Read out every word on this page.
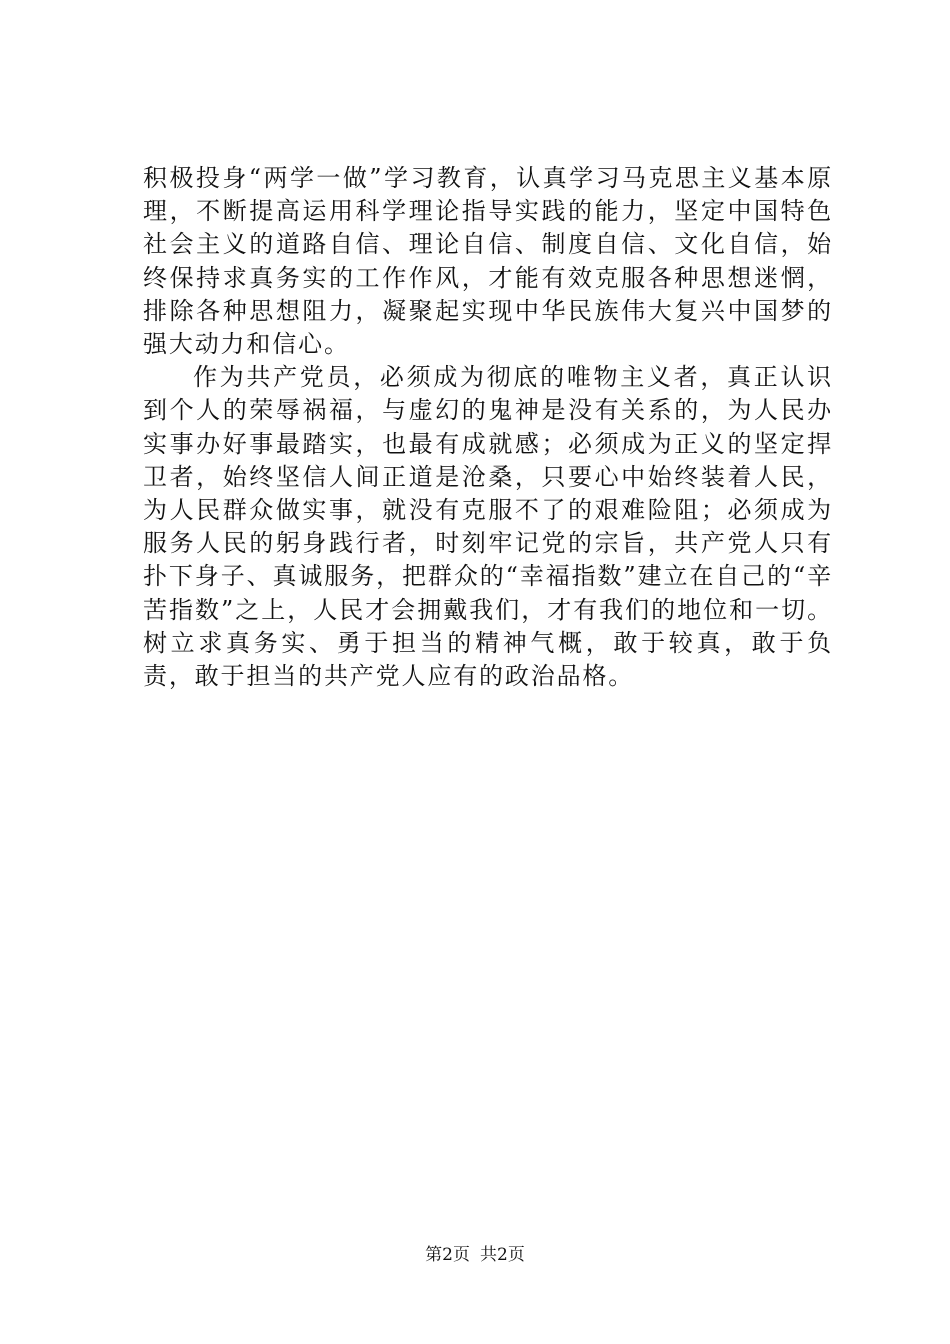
积极投身“两学一做”学习教育，认真学习马克思主义基本原理，不断提高运用科学理论指导实践的能力，坚定中国特色社会主义的道路自信、理论自信、制度自信、文化自信，始终保持求真务实的工作作风，才能有效克服各种思想迷惘，排除各种思想阻力，凝聚起实现中华民族伟大复兴中国梦的强大动力和信心。

作为共产党员，必须成为彻底的唯物主义者，真正认识到个人的荣辱祸福，与虚幻的鬼神是没有关系的，为人民办实事办好事最踏实，也最有成就感；必须成为正义的坚定捍卫者，始终坚信人间正道是沧桑，只要心中始终装着人民，为人民群众做实事，就没有克服不了的艰难险阻；必须成为服务人民的躬身践行者，时刻牢记党的宗旨，共产党人只有扑下身子、真诚服务，把群众的“幸福指数”建立在自己的“辛苦指数”之上，人民才会拥戴我们，才有我们的地位和一切。树立求真务实、勇于担当的精神气概，敢于较真，敢于负责，敢于担当的共产党人应有的政治品格。

第2页 共2页
